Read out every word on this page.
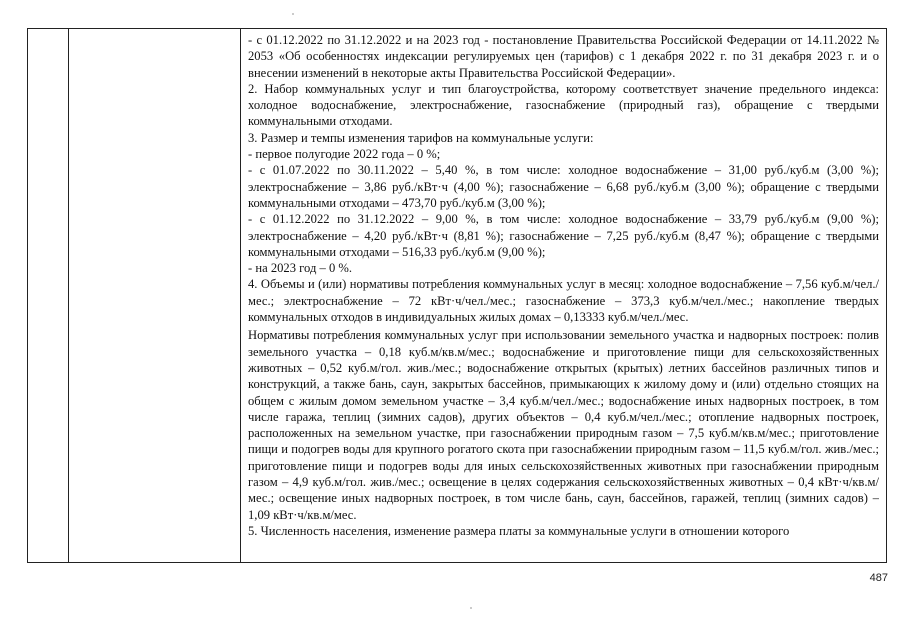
- с 01.12.2022 по 31.12.2022 и на 2023 год - постановление Правительства Российской Федерации от 14.11.2022 № 2053 «Об особенностях индексации регулируемых цен (тарифов) с 1 декабря 2022 г. по 31 декабря 2023 г. и о внесении изменений в некоторые акты Правительства Российской Федерации».

2. Набор коммунальных услуг и тип благоустройства, которому соответствует значение предельного индекса: холодное водоснабжение, электроснабжение, газоснабжение (природный газ), обращение с твердыми коммунальными отходами.

3. Размер и темпы изменения тарифов на коммунальные услуги:

- первое полугодие 2022 года – 0 %;

- с 01.07.2022 по 30.11.2022 – 5,40 %, в том числе: холодное водоснабжение – 31,00 руб./куб.м (3,00 %); электроснабжение – 3,86 руб./кВт·ч (4,00 %); газоснабжение – 6,68 руб./куб.м (3,00 %); обращение с твердыми коммунальными отходами – 473,70 руб./куб.м (3,00 %);

- с 01.12.2022 по 31.12.2022 – 9,00 %, в том числе: холодное водоснабжение – 33,79 руб./куб.м (9,00 %); электроснабжение – 4,20 руб./кВт·ч (8,81 %); газоснабжение – 7,25 руб./куб.м (8,47 %); обращение с твердыми коммунальными отходами – 516,33 руб./куб.м (9,00 %);

- на 2023 год – 0 %.

4. Объемы и (или) нормативы потребления коммунальных услуг в месяц: холодное водоснабжение – 7,56 куб.м/чел./мес.; электроснабжение – 72 кВт·ч/чел./мес.; газоснабжение – 373,3 куб.м/чел./мес.; накопление твердых коммунальных отходов в индивидуальных жилых домах – 0,13333 куб.м/чел./мес.

Нормативы потребления коммунальных услуг при использовании земельного участка и надворных построек: полив земельного участка – 0,18 куб.м/кв.м/мес.; водоснабжение и приготовление пищи для сельскохозяйственных животных – 0,52 куб.м/гол. жив./мес.; водоснабжение открытых (крытых) летних бассейнов различных типов и конструкций, а также бань, саун, закрытых бассейнов, примыкающих к жилому дому и (или) отдельно стоящих на общем с жилым домом земельном участке – 3,4 куб.м/чел./мес.; водоснабжение иных надворных построек, в том числе гаража, теплиц (зимних садов), других объектов – 0,4 куб.м/чел./мес.; отопление надворных построек, расположенных на земельном участке, при газоснабжении природным газом – 7,5 куб.м/кв.м/мес.; приготовление пищи и подогрев воды для крупного рогатого скота при газоснабжении природным газом – 11,5 куб.м/гол. жив./мес.; приготовление пищи и подогрев воды для иных сельскохозяйственных животных при газоснабжении природным газом – 4,9 куб.м/гол. жив./мес.; освещение в целях содержания сельскохозяйственных животных – 0,4 кВт·ч/кв.м/мес.; освещение иных надворных построек, в том числе бань, саун, бассейнов, гаражей, теплиц (зимних садов) – 1,09 кВт·ч/кв.м/мес.

5. Численность населения, изменение размера платы за коммунальные услуги в отношении которого

487
